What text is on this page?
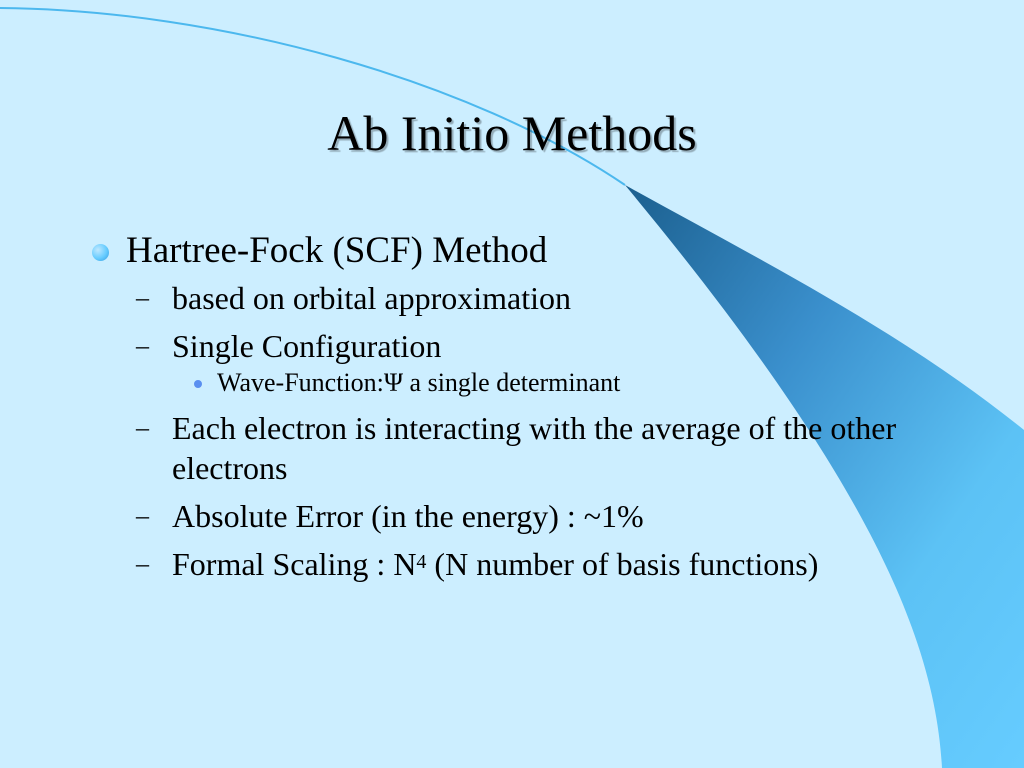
Ab Initio Methods
Hartree-Fock (SCF) Method
– based on orbital approximation
– Single Configuration
Wave-Function:Ψ a single determinant
– Each electron is interacting with the average of the other electrons
– Absolute Error (in the energy) : ~1%
– Formal Scaling : $N^4$ (N number of basis functions)
